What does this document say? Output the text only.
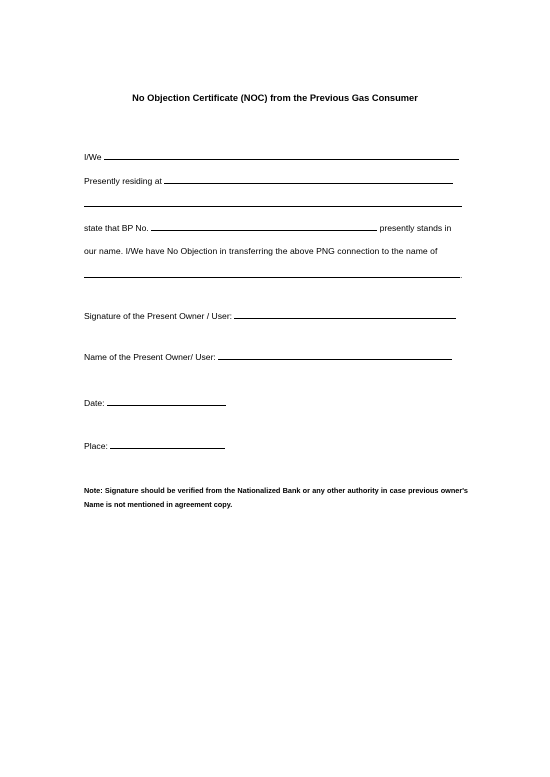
No Objection Certificate (NOC) from the Previous Gas Consumer
I/We
Presently residing at
state that BP No.	presently stands in
our name. I/We have No Objection in transferring the above PNG connection to the name of
.
Signature of the Present Owner / User:
Name of the Present Owner/ User:
Date:
Place:
Note: Signature should be verified from the Nationalized Bank or any other authority in case previous owner's Name is not mentioned in agreement copy.
